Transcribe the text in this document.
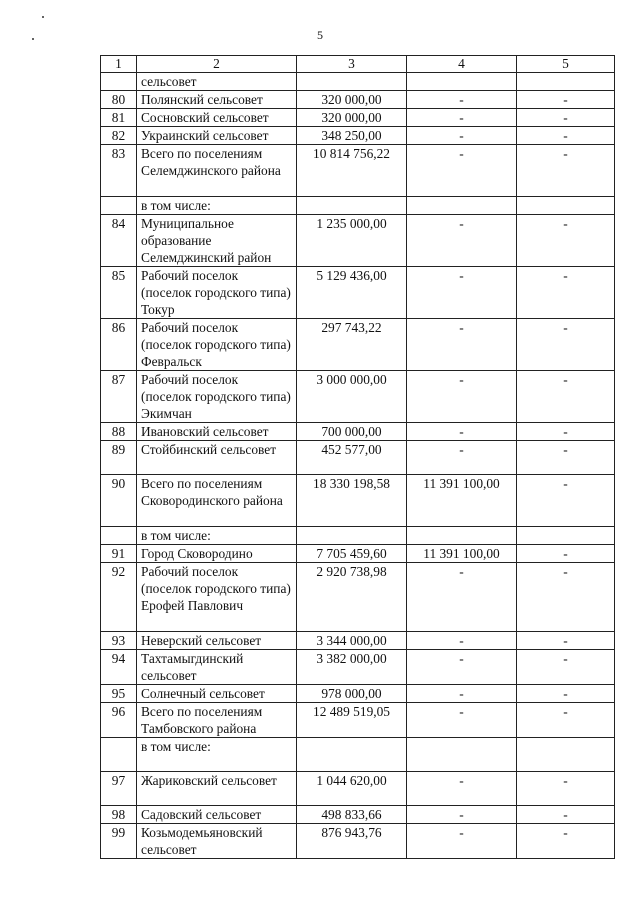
5
1	2	3	4	5
	сельсовет			
80	Полянский сельсовет	320 000,00	-	-
81	Сосновский сельсовет	320 000,00	-	-
82	Украинский сельсовет	348 250,00	-	-
83	Всего по поселениям Селемджинского района	10 814 756,22	-	-
	в том числе:			
84	Муниципальное образование Селемджинский район	1 235 000,00	-	-
85	Рабочий поселок (поселок городского типа) Токур	5 129 436,00	-	-
86	Рабочий поселок (поселок городского типа) Февральск	297 743,22	-	-
87	Рабочий поселок (поселок городского типа) Экимчан	3 000 000,00	-	-
88	Ивановский сельсовет	700 000,00	-	-
89	Стойбинский сельсовет	452 577,00	-	-
90	Всего по поселениям Сковородинского района	18 330 198,58	11 391 100,00	-
	в том числе:			
91	Город Сковородино	7 705 459,60	11 391 100,00	-
92	Рабочий поселок (поселок городского типа) Ерофей Павлович	2 920 738,98	-	-
93	Неверский сельсовет	3 344 000,00	-	-
94	Тахтамыгдинский сельсовет	3 382 000,00	-	-
95	Солнечный сельсовет	978 000,00	-	-
96	Всего по поселениям Тамбовского района	12 489 519,05	-	-
	в том числе:			
97	Жариковский сельсовет	1 044 620,00	-	-
98	Садовский сельсовет	498 833,66	-	-
99	Козьмодемьяновский сельсовет	876 943,76	-	-
